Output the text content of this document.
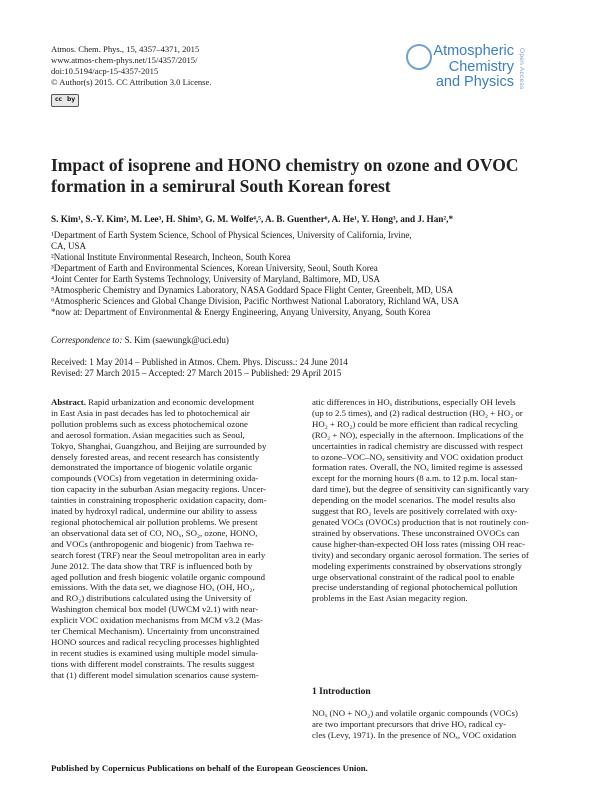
Atmos. Chem. Phys., 15, 4357–4371, 2015
www.atmos-chem-phys.net/15/4357/2015/
doi:10.5194/acp-15-4357-2015
© Author(s) 2015. CC Attribution 3.0 License.
cc by
Atmospheric
Chemistry
and Physics Open Access
Impact of isoprene and HONO chemistry on ozone and OVOC
formation in a semirural South Korean forest
S. Kim¹, S.-Y. Kim², M. Lee³, H. Shim³, G. M. Wolfe⁴,⁵, A. B. Guenther⁶, A. He¹, Y. Hong³, and J. Han²,*
¹Department of Earth System Science, School of Physical Sciences, University of California, Irvine,
CA, USA
²National Institute Environmental Research, Incheon, South Korea
³Department of Earth and Environmental Sciences, Korean University, Seoul, South Korea
⁴Joint Center for Earth Systems Technology, University of Maryland, Baltimore, MD, USA
⁵Atmospheric Chemistry and Dynamics Laboratory, NASA Goddard Space Flight Center, Greenbelt, MD, USA
⁶Atmospheric Sciences and Global Change Division, Pacific Northwest National Laboratory, Richland WA, USA
*now at: Department of Environmental & Energy Engineering, Anyang University, Anyang, South Korea
Correspondence to: S. Kim (saewungk@uci.edu)
Received: 1 May 2014 – Published in Atmos. Chem. Phys. Discuss.: 24 June 2014
Revised: 27 March 2015 – Accepted: 27 March 2015 – Published: 29 April 2015
Abstract. Rapid urbanization and economic development
in East Asia in past decades has led to photochemical air
pollution problems such as excess photochemical ozone
and aerosol formation. Asian megacities such as Seoul,
Tokyo, Shanghai, Guangzhou, and Beijing are surrounded by
densely forested areas, and recent research has consistently
demonstrated the importance of biogenic volatile organic
compounds (VOCs) from vegetation in determining oxida-
tion capacity in the suburban Asian megacity regions. Uncer-
tainties in constraining tropospheric oxidation capacity, dom-
inated by hydroxyl radical, undermine our ability to assess
regional photochemical air pollution problems. We present
an observational data set of CO, NOₓ, SO₂, ozone, HONO,
and VOCs (anthropogenic and biogenic) from Taehwa re-
search forest (TRF) near the Seoul metropolitan area in early
June 2012. The data show that TRF is influenced both by
aged pollution and fresh biogenic volatile organic compound
emissions. With the data set, we diagnose HOₓ (OH, HO₂,
and RO₂) distributions calculated using the University of
Washington chemical box model (UWCM v2.1) with near-
explicit VOC oxidation mechanisms from MCM v3.2 (Mas-
ter Chemical Mechanism). Uncertainty from unconstrained
HONO sources and radical recycling processes highlighted
in recent studies is examined using multiple model simula-
tions with different model constraints. The results suggest
that (1) different model simulation scenarios cause system-
atic differences in HOₓ distributions, especially OH levels
(up to 2.5 times), and (2) radical destruction (HO₂ + HO₂ or
HO₂ + RO₂) could be more efficient than radical recycling
(RO₂ + NO), especially in the afternoon. Implications of the
uncertainties in radical chemistry are discussed with respect
to ozone–VOC–NOₓ sensitivity and VOC oxidation product
formation rates. Overall, the NOₓ limited regime is assessed
except for the morning hours (8 a.m. to 12 p.m. local stan-
dard time), but the degree of sensitivity can significantly vary
depending on the model scenarios. The model results also
suggest that RO₂ levels are positively correlated with oxy-
genated VOCs (OVOCs) production that is not routinely con-
strained by observations. These unconstrained OVOCs can
cause higher-than-expected OH loss rates (missing OH reac-
tivity) and secondary organic aerosol formation. The series of
modeling experiments constrained by observations strongly
urge observational constraint of the radical pool to enable
precise understanding of regional photochemical pollution
problems in the East Asian megacity region.
1 Introduction
NOₓ (NO + NO₂) and volatile organic compounds (VOCs)
are two important precursors that drive HOₓ radical cy-
cles (Levy, 1971). In the presence of NOₓ, VOC oxidation
Published by Copernicus Publications on behalf of the European Geosciences Union.
